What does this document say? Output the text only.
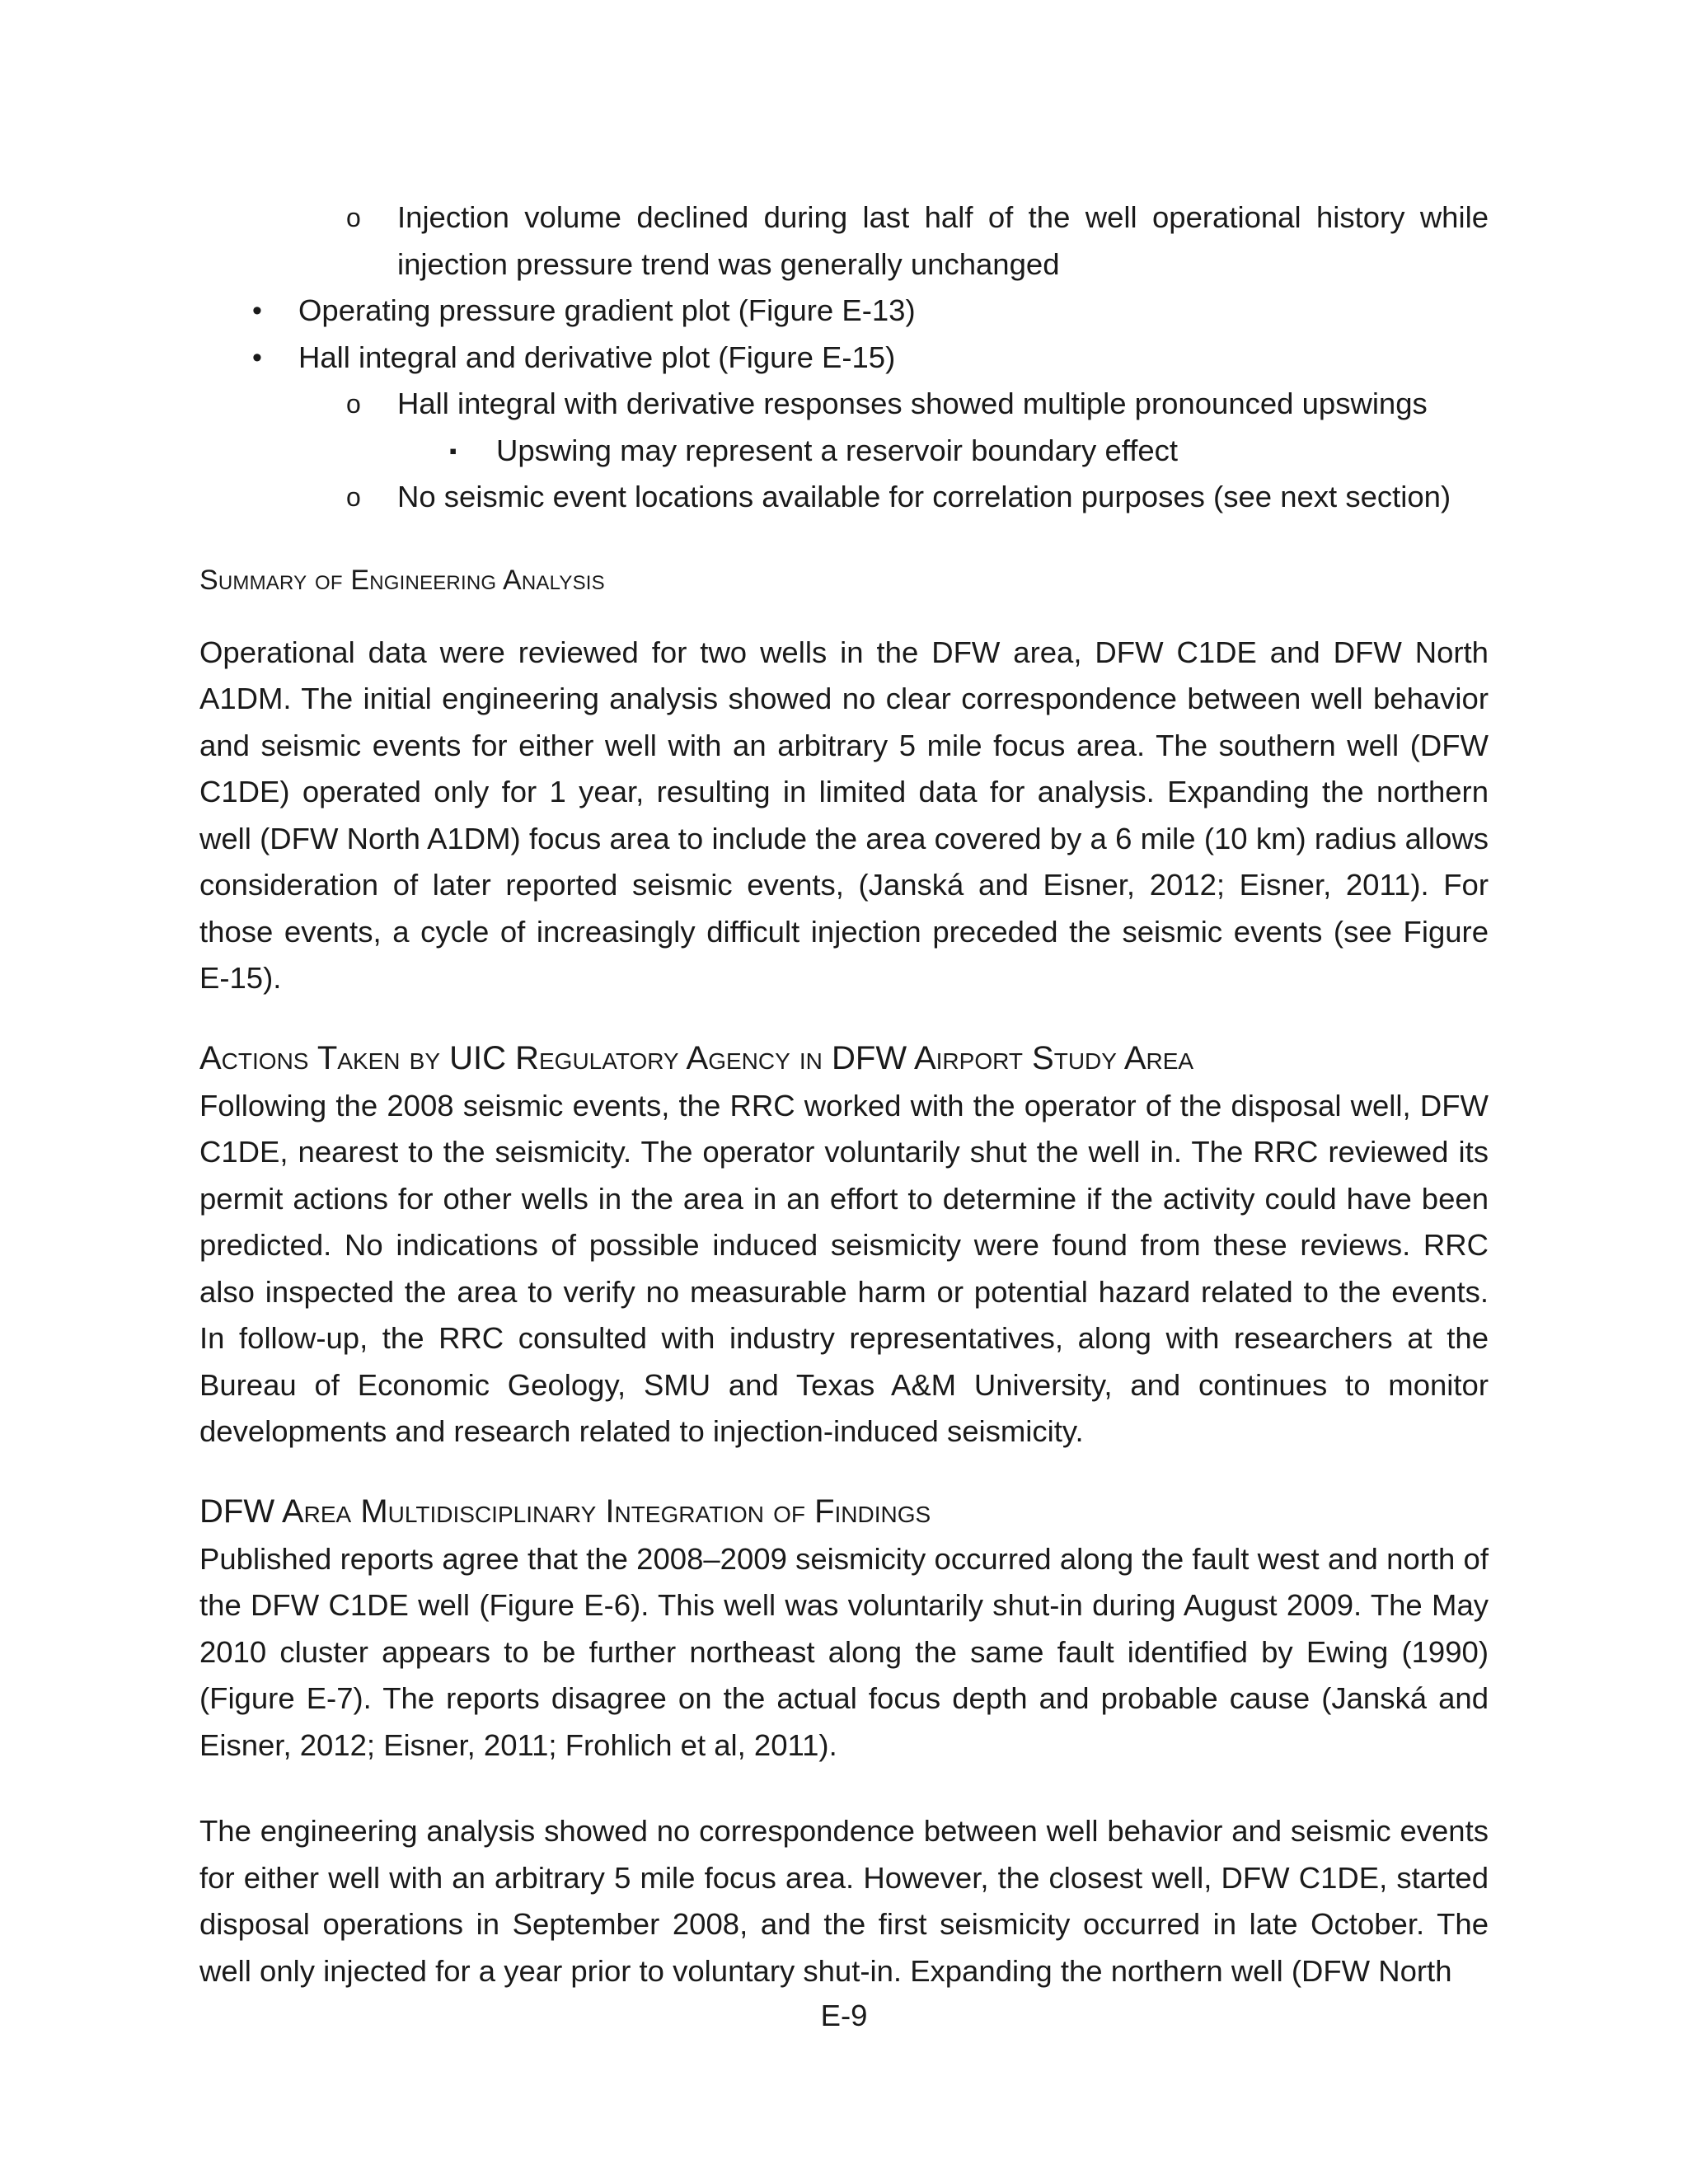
o Injection volume declined during last half of the well operational history while injection pressure trend was generally unchanged
• Operating pressure gradient plot (Figure E-13)
• Hall integral and derivative plot (Figure E-15)
o Hall integral with derivative responses showed multiple pronounced upswings
▪ Upswing may represent a reservoir boundary effect
o No seismic event locations available for correlation purposes (see next section)
Summary of Engineering Analysis

Operational data were reviewed for two wells in the DFW area, DFW C1DE and DFW North A1DM. The initial engineering analysis showed no clear correspondence between well behavior and seismic events for either well with an arbitrary 5 mile focus area. The southern well (DFW C1DE) operated only for 1 year, resulting in limited data for analysis. Expanding the northern well (DFW North A1DM) focus area to include the area covered by a 6 mile (10 km) radius allows consideration of later reported seismic events, (Janská and Eisner, 2012; Eisner, 2011). For those events, a cycle of increasingly difficult injection preceded the seismic events (see Figure E-15).

Actions Taken by UIC Regulatory Agency in DFW Airport Study Area

Following the 2008 seismic events, the RRC worked with the operator of the disposal well, DFW C1DE, nearest to the seismicity. The operator voluntarily shut the well in. The RRC reviewed its permit actions for other wells in the area in an effort to determine if the activity could have been predicted. No indications of possible induced seismicity were found from these reviews. RRC also inspected the area to verify no measurable harm or potential hazard related to the events. In follow-up, the RRC consulted with industry representatives, along with researchers at the Bureau of Economic Geology, SMU and Texas A&M University, and continues to monitor developments and research related to injection-induced seismicity.

DFW Area Multidisciplinary Integration of Findings

Published reports agree that the 2008–2009 seismicity occurred along the fault west and north of the DFW C1DE well (Figure E-6). This well was voluntarily shut-in during August 2009. The May 2010 cluster appears to be further northeast along the same fault identified by Ewing (1990) (Figure E-7). The reports disagree on the actual focus depth and probable cause (Janská and Eisner, 2012; Eisner, 2011; Frohlich et al, 2011).

The engineering analysis showed no correspondence between well behavior and seismic events for either well with an arbitrary 5 mile focus area. However, the closest well, DFW C1DE, started disposal operations in September 2008, and the first seismicity occurred in late October. The well only injected for a year prior to voluntary shut-in. Expanding the northern well (DFW North

E-9
